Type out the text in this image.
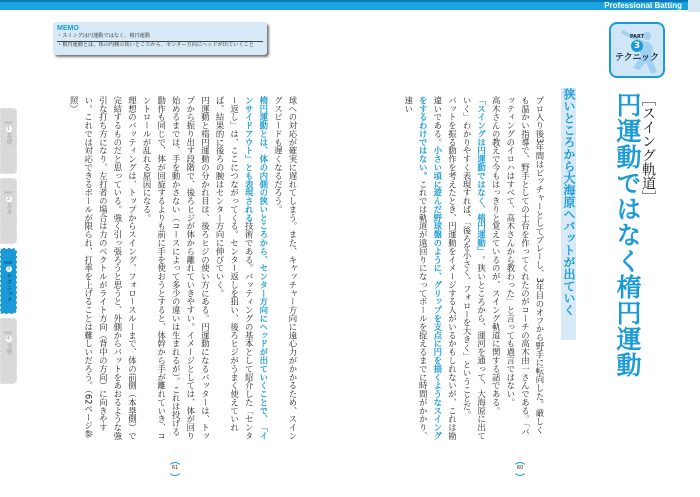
Professional Batting
MEMO
・スイングは円運動ではなく、楕円運動
・楕円運動とは、体の内側の狭いところから、センター方向にヘッドが出ていくこと
PART
1
基礎
PART
2
基本
PART
3
テクニック
PART
4
実戦
PART
3
テクニック
［スイング軌道］
円運動ではなく楕円運動
狭いところから大海原へバットが出ていく
プロ入り後3年間はピッチャーとしてプレーし、3年目のオフから野手に転向した。厳しくも温かい指導で、野手としての土台を作ってくれたのがコーチの高木由一さんである。「バッティングのイロハはすべて、高木さんから教わった」と言っても過言ではない。
高木さんの教えで今もはっきりと覚えているのが、スイング軌道に関する話である。
「スイングは円運動ではなく、楕円運動」。狭いところから、運河を通って、大海原に出ていく」わかりやすく表現すれば、「後ろを小さく、フォローを大きく」ということだ。
バットを振る動作を考えたとき、円運動をイメージする人がいるかもしれないが、これは勘違いである。小さい頃に遊んだ野球盤のように、グリップを支点に円を描くようなスイングをするわけではない。これでは軌道が遠回りになってボールを捉えるまでに時間がかかり、速い
球への対応が確実に遅れてしまう。また、キャッチャー方向に遠心力がかかるため、スイングスピードも遅くなるだろう。
楕円運動とは、体の内側の狭いところから、センター方向にヘッドが出ていくことで、「インサイドアウト」とも表現される技術である。バッティングの基本として紹介した「センター返し」は、ここにつながってくる。センター返しを狙い、後ろヒジがうまく使えていれば、結果的に後ろの腕はセンター方向に伸びていく。
円運動と楕円運動の分かれ目は、後ろヒジの使い方にある。円運動になるバッターは、トップから振り出す段階で、後ろヒジが体から離れていきやすい。イメージとしては、体が回り始めるまでは、手を動かさない（コースによって多少の違いは生まれるが）。これは投げる動作も同じで、体が回旋するよりも前に手を使おうとすると、体幹から手が離れていき、コントロールが乱れる原因になる。
理想のバッティングは、トップからスイング、フォロースルーまで、体の前側（本塁側）で完結するものだと思っている。強く引っ張ろうと思うと、外側からバットをあおるような強引な打ち方になり、左打者の場合は力のベクトルがライト方向（背中の方向）に向きやすい。これでは対応できるボールが限られ、打率を上げることは難しいだろう。（62ページ参照）
61	60
